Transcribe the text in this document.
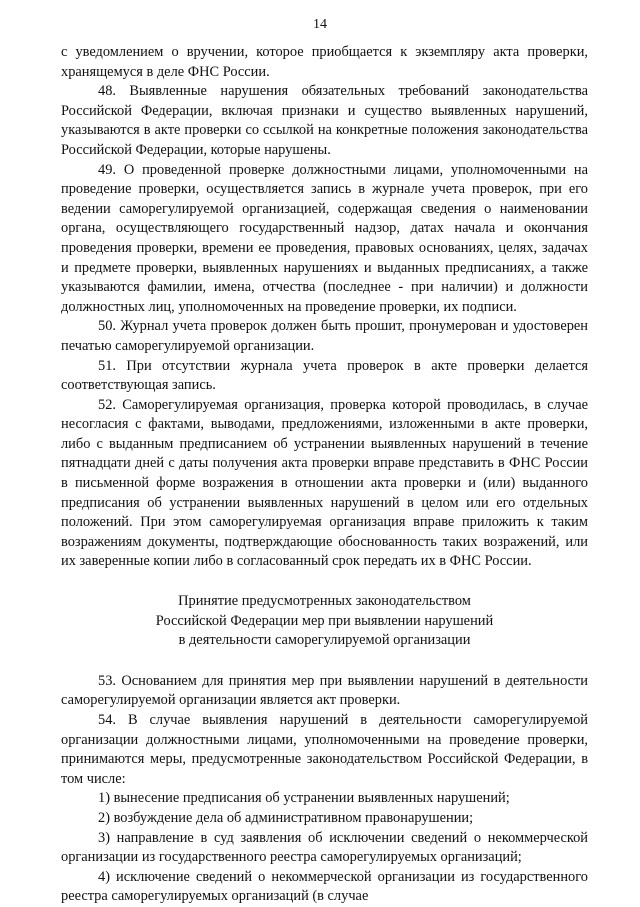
14

с уведомлением о вручении, которое приобщается к экземпляру акта проверки, хранящемуся в деле ФНС России.

48. Выявленные нарушения обязательных требований законодательства Российской Федерации, включая признаки и существо выявленных нарушений, указываются в акте проверки со ссылкой на конкретные положения законодательства Российской Федерации, которые нарушены.

49. О проведенной проверке должностными лицами, уполномоченными на проведение проверки, осуществляется запись в журнале учета проверок, при его ведении саморегулируемой организацией, содержащая сведения о наименовании органа, осуществляющего государственный надзор, датах начала и окончания проведения проверки, времени ее проведения, правовых основаниях, целях, задачах и предмете проверки, выявленных нарушениях и выданных предписаниях, а также указываются фамилии, имена, отчества (последнее - при наличии) и должности должностных лиц, уполномоченных на проведение проверки, их подписи.

50. Журнал учета проверок должен быть прошит, пронумерован и удостоверен печатью саморегулируемой организации.

51. При отсутствии журнала учета проверок в акте проверки делается соответствующая запись.

52. Саморегулируемая организация, проверка которой проводилась, в случае несогласия с фактами, выводами, предложениями, изложенными в акте проверки, либо с выданным предписанием об устранении выявленных нарушений в течение пятнадцати дней с даты получения акта проверки вправе представить в ФНС России в письменной форме возражения в отношении акта проверки и (или) выданного предписания об устранении выявленных нарушений в целом или его отдельных положений. При этом саморегулируемая организация вправе приложить к таким возражениям документы, подтверждающие обоснованность таких возражений, или их заверенные копии либо в согласованный срок передать их в ФНС России.

Принятие предусмотренных законодательством
Российской Федерации мер при выявлении нарушений
в деятельности саморегулируемой организации

53. Основанием для принятия мер при выявлении нарушений в деятельности саморегулируемой организации является акт проверки.

54. В случае выявления нарушений в деятельности саморегулируемой организации должностными лицами, уполномоченными на проведение проверки, принимаются меры, предусмотренные законодательством Российской Федерации, в том числе:

1) вынесение предписания об устранении выявленных нарушений;

2) возбуждение дела об административном правонарушении;

3) направление в суд заявления об исключении сведений о некоммерческой организации из государственного реестра саморегулируемых организаций;

4) исключение сведений о некоммерческой организации из государственного реестра саморегулируемых организаций (в случае
